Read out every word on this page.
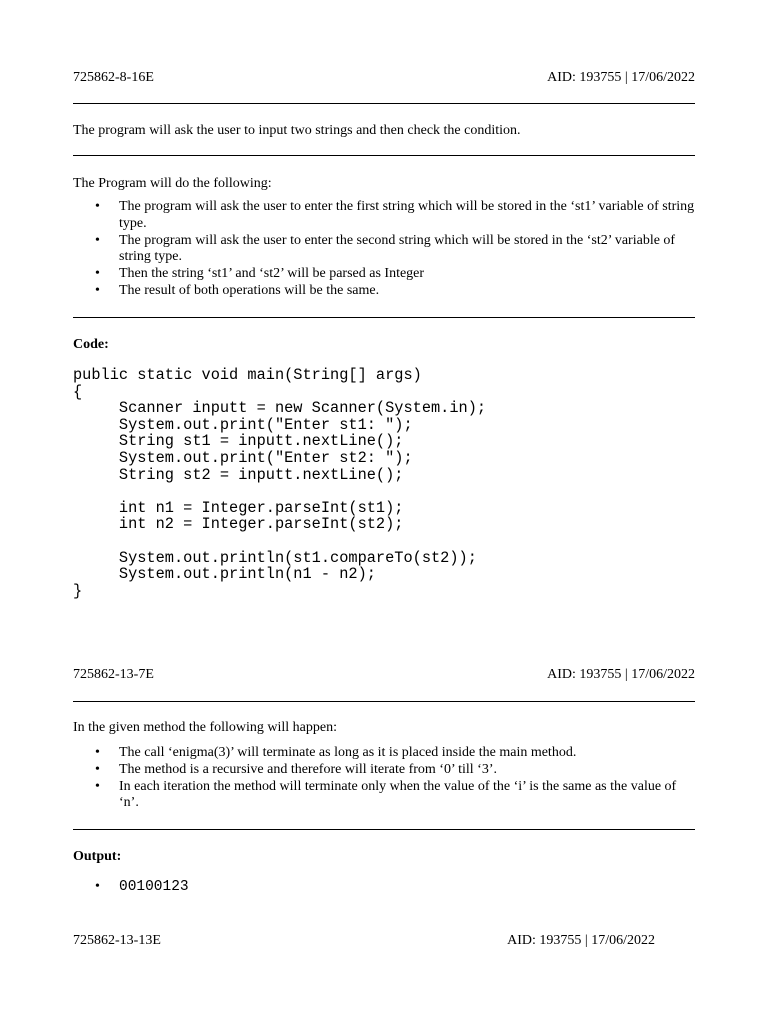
725862-8-16E	AID: 193755 | 17/06/2022

The program will ask the user to input two strings and then check the condition.

The Program will do the following:

• The program will ask the user to enter the first string which will be stored in the ‘st1’ variable of string type.
• The program will ask the user to enter the second string which will be stored in the ‘st2’ variable of string type.
• Then the string ‘st1’ and ‘st2’ will be parsed as Integer
• The result of both operations will be the same.

Code:

public static void main(String[] args)
{
Scanner inputt = new Scanner(System.in);
System.out.print("Enter st1: ");
String st1 = inputt.nextLine();
System.out.print("Enter st2: ");
String st2 = inputt.nextLine();

int n1 = Integer.parseInt(st1);
int n2 = Integer.parseInt(st2);

System.out.println(st1.compareTo(st2));
System.out.println(n1 - n2);
}
725862-13-7E	AID: 193755 | 17/06/2022

In the given method the following will happen:

• The call ‘enigma(3)’ will terminate as long as it is placed inside the main method.
• The method is a recursive and therefore will iterate from ‘0’ till ‘3’.
• In each iteration the method will terminate only when the value of the ‘i’ is the same as the value of ‘n’.

Output:

• 00100123
725862-13-13E	AID: 193755 | 17/06/2022
